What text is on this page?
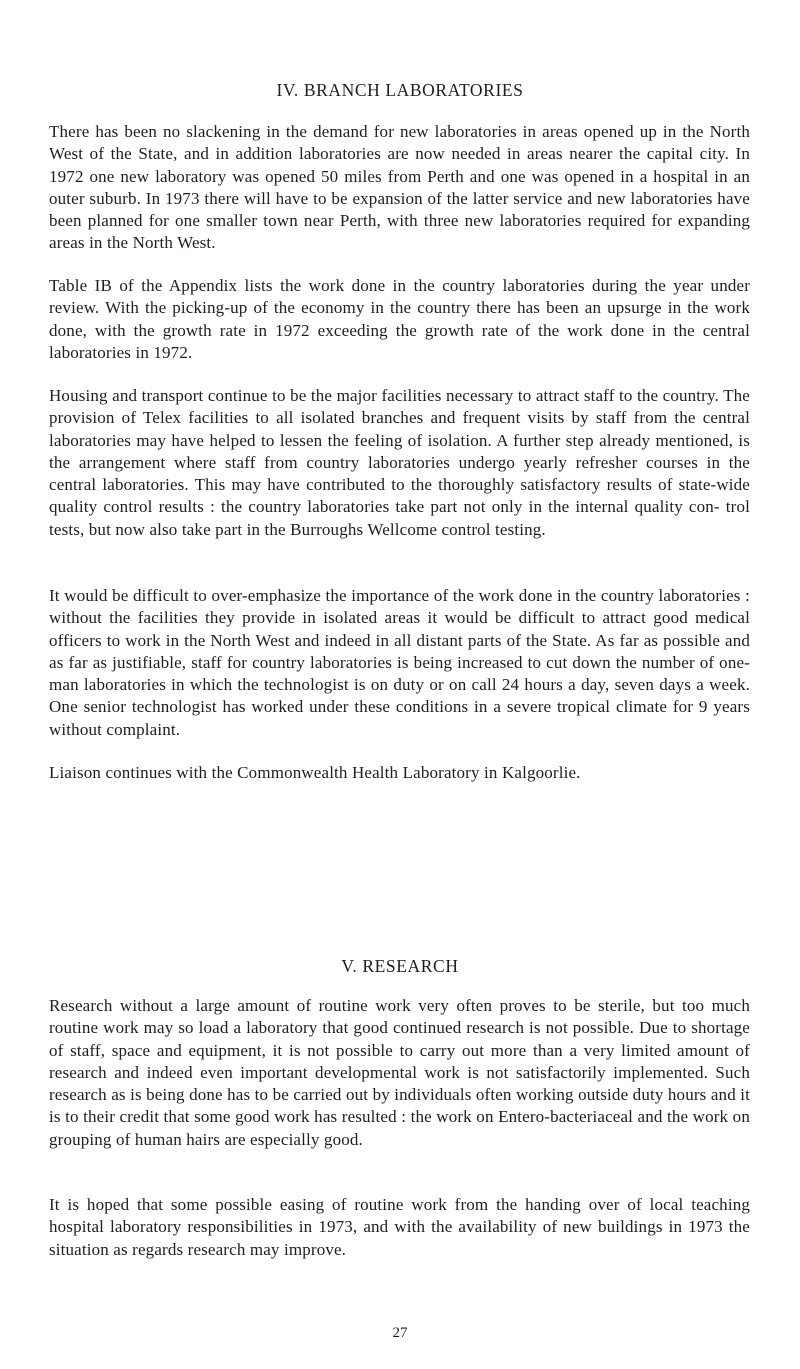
IV. BRANCH LABORATORIES

There has been no slackening in the demand for new laboratories in areas opened up in the North West of the State, and in addition laboratories are now needed in areas nearer the capital city. In 1972 one new laboratory was opened 50 miles from Perth and one was opened in a hospital in an outer suburb. In 1973 there will have to be expansion of the latter service and new laboratories have been planned for one smaller town near Perth, with three new laboratories required for expanding areas in the North West.

Table IB of the Appendix lists the work done in the country laboratories during the year under review. With the picking-up of the economy in the country there has been an upsurge in the work done, with the growth rate in 1972 exceeding the growth rate of the work done in the central laboratories in 1972.

Housing and transport continue to be the major facilities necessary to attract staff to the country. The provision of Telex facilities to all isolated branches and frequent visits by staff from the central laboratories may have helped to lessen the feeling of isolation. A further step already mentioned, is the arrangement where staff from country laboratories undergo yearly refresher courses in the central laboratories. This may have contributed to the thoroughly satisfactory results of state-wide quality control results : the country laboratories take part not only in the internal quality con- trol tests, but now also take part in the Burroughs Wellcome control testing.

It would be difficult to over-emphasize the importance of the work done in the country laboratories : without the facilities they provide in isolated areas it would be difficult to attract good medical officers to work in the North West and indeed in all distant parts of the State. As far as possible and as far as justifiable, staff for country laboratories is being increased to cut down the number of one-man laboratories in which the technologist is on duty or on call 24 hours a day, seven days a week. One senior technologist has worked under these conditions in a severe tropical climate for 9 years without complaint.

Liaison continues with the Commonwealth Health Laboratory in Kalgoorlie.

V. RESEARCH

Research without a large amount of routine work very often proves to be sterile, but too much routine work may so load a laboratory that good continued research is not possible. Due to shortage of staff, space and equipment, it is not possible to carry out more than a very limited amount of research and indeed even important developmental work is not satisfactorily implemented. Such research as is being done has to be carried out by individuals often working outside duty hours and it is to their credit that some good work has resulted : the work on Entero-bacteriaceal and the work on grouping of human hairs are especially good.

It is hoped that some possible easing of routine work from the handing over of local teaching hospital laboratory responsibilities in 1973, and with the availability of new buildings in 1973 the situation as regards research may improve.

27
